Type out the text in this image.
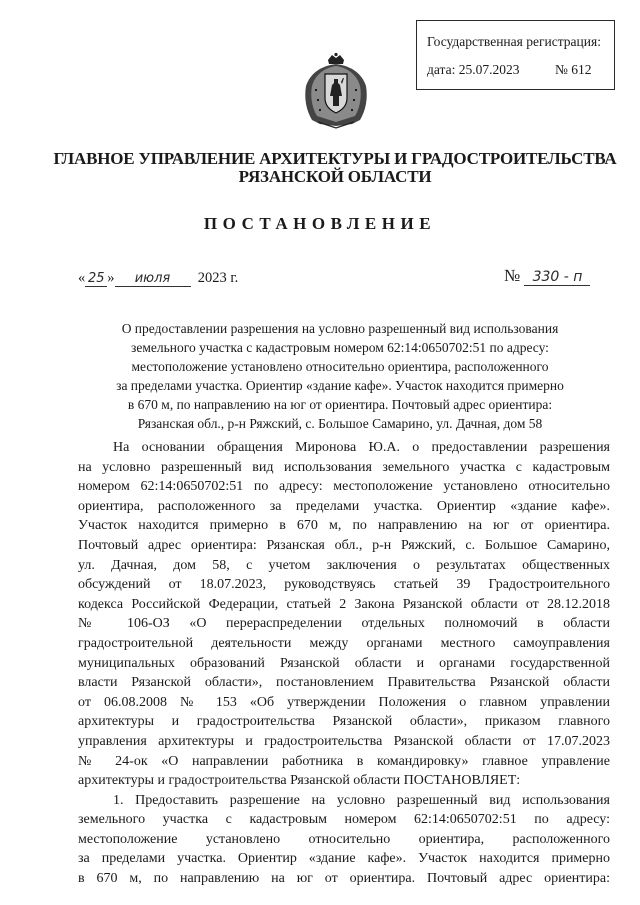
Государственная регистрация:
дата: 25.07.2023	№ 612
ГЛАВНОЕ УПРАВЛЕНИЕ АРХИТЕКТУРЫ И ГРАДОСТРОИТЕЛЬСТВА
РЯЗАНСКОЙ ОБЛАСТИ
ПОСТАНОВЛЕНИЕ
« 25 » июля 2023 г.	№ 330 - п
О предоставлении разрешения на условно разрешенный вид использования
земельного участка с кадастровым номером 62:14:0650702:51 по адресу:
местоположение установлено относительно ориентира, расположенного
за пределами участка. Ориентир «здание кафе». Участок находится примерно
в 670 м, по направлению на юг от ориентира. Почтовый адрес ориентира:
Рязанская обл., р-н Ряжский, с. Большое Самарино, ул. Дачная, дом 58
На основании обращения Миронова Ю.А. о предоставлении разрешения
на условно разрешенный вид использования земельного участка с кадастровым
номером 62:14:0650702:51 по адресу: местоположение установлено относительно
ориентира, расположенного за пределами участка. Ориентир «здание кафе».
Участок находится примерно в 670 м, по направлению на юг от ориентира.
Почтовый адрес ориентира: Рязанская обл., р-н Ряжский, с. Большое Самарино,
ул. Дачная, дом 58, с учетом заключения о результатах общественных
обсуждений от 18.07.2023, руководствуясь статьей 39 Градостроительного
кодекса Российской Федерации, статьей 2 Закона Рязанской области от 28.12.2018
№ 106-ОЗ «О перераспределении отдельных полномочий в области
градостроительной деятельности между органами местного самоуправления
муниципальных образований Рязанской области и органами государственной
власти Рязанской области», постановлением Правительства Рязанской области
от 06.08.2008 № 153 «Об утверждении Положения о главном управлении
архитектуры и градостроительства Рязанской области», приказом главного
управления архитектуры и градостроительства Рязанской области от 17.07.2023
№ 24-ок «О направлении работника в командировку» главное управление
архитектуры и градостроительства Рязанской области ПОСТАНОВЛЯЕТ:
1. Предоставить разрешение на условно разрешенный вид использования
земельного участка с кадастровым номером 62:14:0650702:51 по адресу:
местоположение установлено относительно ориентира, расположенного
за пределами участка. Ориентир «здание кафе». Участок находится примерно
в 670 м, по направлению на юг от ориентира. Почтовый адрес ориентира:
